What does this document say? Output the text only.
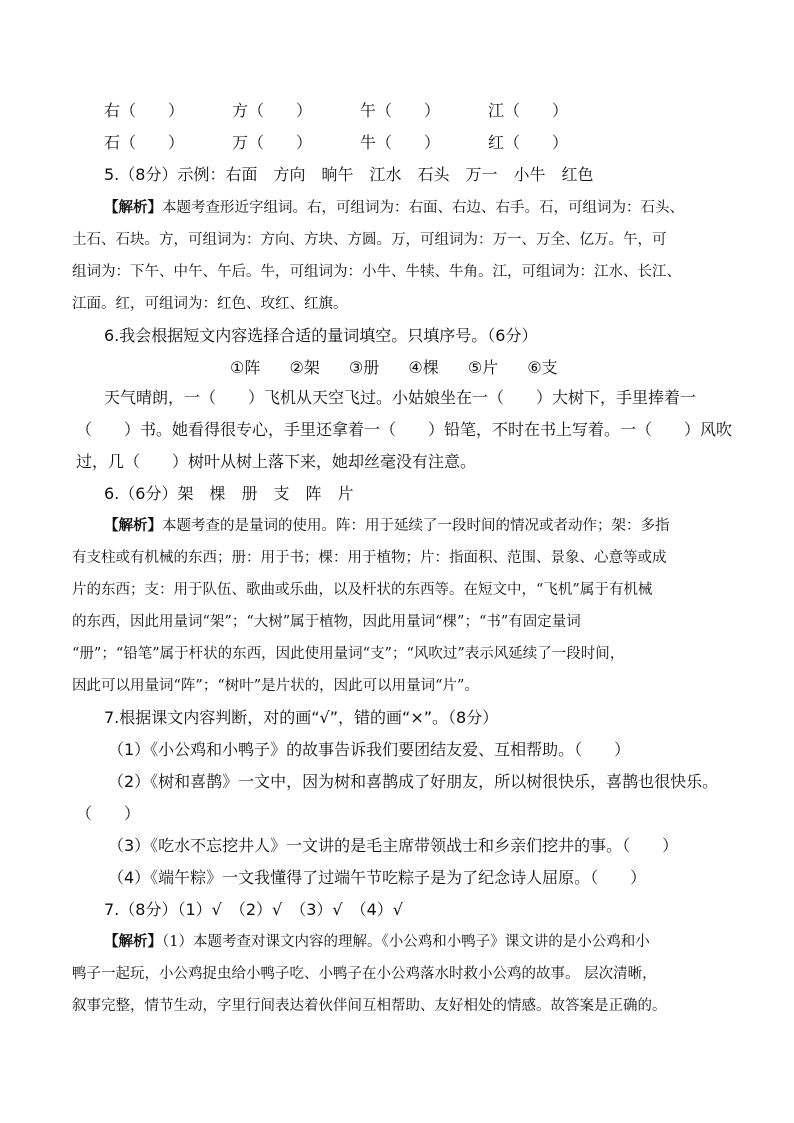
右（　　）	方（　　）	午（　　）	江（　　）
石（　　）	万（　　）	牛（　　）	红（　　）
5.（8分）示例：右面　方向　晌午　江水　石头　万一　小牛　红色
【解析】本题考查形近字组词。右，可组词为：右面、右边、右手。石，可组词为：石头、
土石、石块。方，可组词为：方向、方块、方圆。万，可组词为：万一、万全、亿万。午，可
组词为：下午、中午、午后。牛，可组词为：小牛、牛犊、牛角。江，可组词为：江水、长江、
江面。红，可组词为：红色、玫红、红旗。
6.我会根据短文内容选择合适的量词填空。只填序号。（6分）
①阵 ②架 ③册 ④棵 ⑤片 ⑥支
天气晴朗，一（　　）飞机从天空飞过。小姑娘坐在一（　　）大树下，手里捧着一
（　　）书。她看得很专心，手里还拿着一（　　）铅笔，不时在书上写着。一（　　）风吹
过，几（　　）树叶从树上落下来，她却丝毫没有注意。
6.（6分）架　棵　册　支　阵　片
【解析】本题考查的是量词的使用。阵：用于延续了一段时间的情况或者动作；架：多指
有支柱或有机械的东西；册：用于书；棵：用于植物；片：指面积、范围、景象、心意等或成
片的东西；支：用于队伍、歌曲或乐曲，以及杆状的东西等。在短文中，“飞机”属于有机械
的东西，因此用量词“架”；“大树”属于植物，因此用量词“棵”；“书”有固定量词
“册”；“铅笔”属于杆状的东西，因此使用量词“支”；“风吹过”表示风延续了一段时间，
因此可以用量词“阵”；“树叶”是片状的，因此可以用量词“片”。
7.根据课文内容判断，对的画“√”，错的画“×”。（8分）
（1）《小公鸡和小鸭子》的故事告诉我们要团结友爱、互相帮助。（　　）
（2）《树和喜鹊》一文中，因为树和喜鹊成了好朋友，所以树很快乐，喜鹊也很快乐。
（　　）
（3）《吃水不忘挖井人》一文讲的是毛主席带领战士和乡亲们挖井的事。（　　）
（4）《端午粽》一文我懂得了过端午节吃粽子是为了纪念诗人屈原。（　　）
7.（8分）（1）√　（2）√　（3）√　（4）√
【解析】（1）本题考查对课文内容的理解。《小公鸡和小鸭子》课文讲的是小公鸡和小
鸭子一起玩，小公鸡捉虫给小鸭子吃、小鸭子在小公鸡落水时救小公鸡的故事。 层次清晰，
叙事完整，情节生动，字里行间表达着伙伴间互相帮助、友好相处的情感。故答案是正确的。
